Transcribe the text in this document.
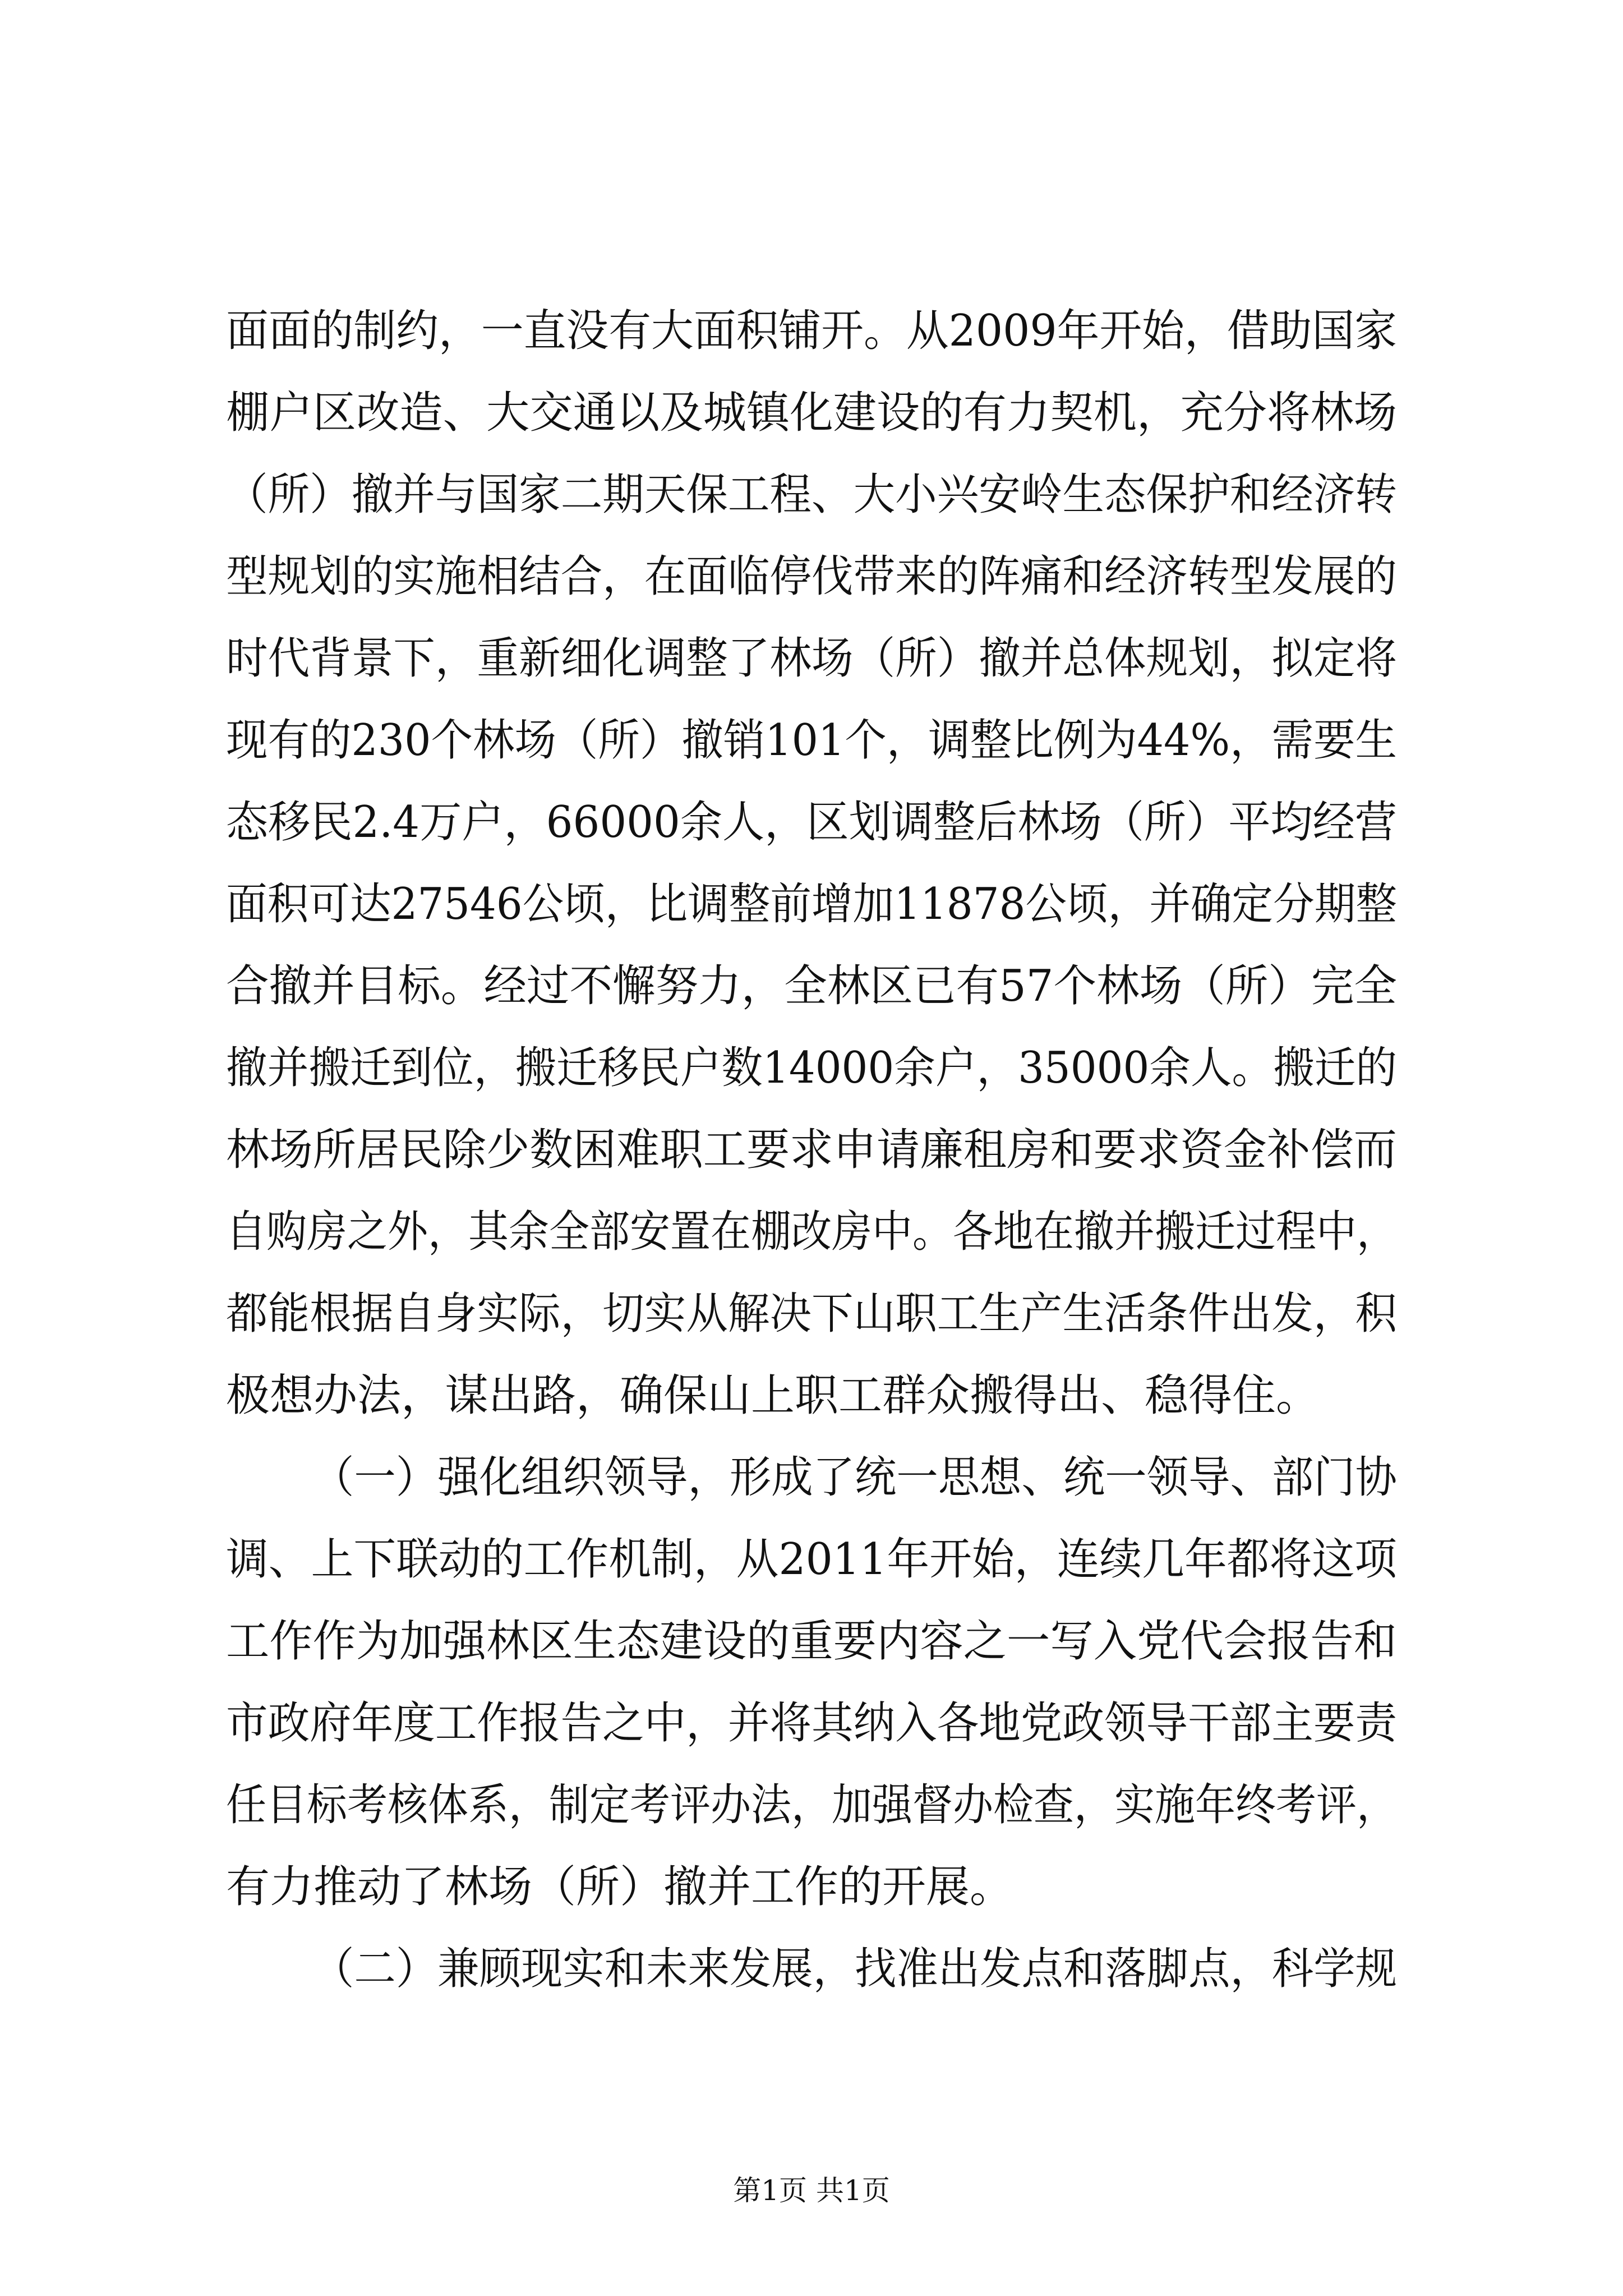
面面的制约，一直没有大面积铺开。从2009年开始，借助国家
棚户区改造、大交通以及城镇化建设的有力契机，充分将林场
（所）撤并与国家二期天保工程、大小兴安岭生态保护和经济转
型规划的实施相结合，在面临停伐带来的阵痛和经济转型发展的
时代背景下，重新细化调整了林场（所）撤并总体规划，拟定将
现有的230个林场（所）撤销101个，调整比例为44%，需要生
态移民2.4万户，66000余人，区划调整后林场（所）平均经营
面积可达27546公顷，比调整前增加11878公顷，并确定分期整
合撤并目标。经过不懈努力，全林区已有57个林场（所）完全
撤并搬迁到位，搬迁移民户数14000余户，35000余人。搬迁的
林场所居民除少数困难职工要求申请廉租房和要求资金补偿而
自购房之外，其余全部安置在棚改房中。各地在撤并搬迁过程中，
都能根据自身实际，切实从解决下山职工生产生活条件出发，积
极想办法，谋出路，确保山上职工群众搬得出、稳得住。
（一）强化组织领导，形成了统一思想、统一领导、部门协
调、上下联动的工作机制，从2011年开始，连续几年都将这项
工作作为加强林区生态建设的重要内容之一写入党代会报告和
市政府年度工作报告之中，并将其纳入各地党政领导干部主要责
任目标考核体系，制定考评办法，加强督办检查，实施年终考评，
有力推动了林场（所）撤并工作的开展。
（二）兼顾现实和未来发展，找准出发点和落脚点，科学规
第1页 共1页
